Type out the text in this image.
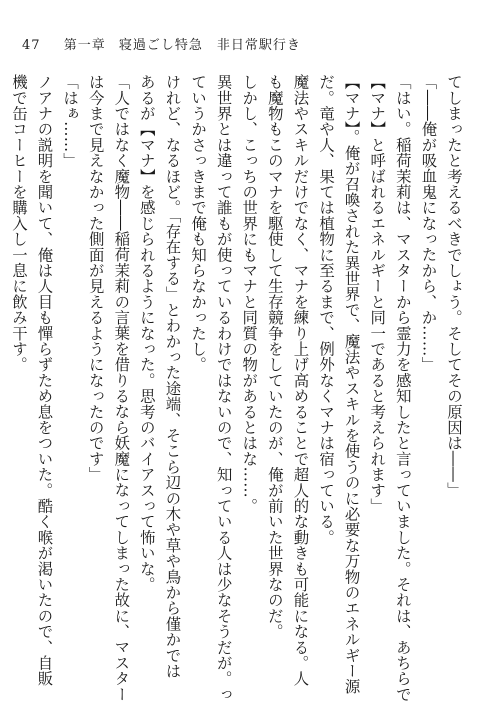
47 第一章 寝過ごし特急　非日常駅行き
てしまったと考えるべきでしょう。そしてその原因は――」
「――俺が吸血鬼になったから、か……」
「はい。稲荷茉莉は、マスターから霊力を感知したと言っていました。それは、あちらで
【マナ】と呼ばれるエネルギーと同一であると考えられます」
【マナ】。俺が召喚された異世界で、魔法やスキルを使うのに必要な万物のエネルギー源
だ。竜や人、果ては植物に至るまで、例外なくマナは宿っている。
魔法やスキルだけでなく、マナを練り上げ高めることで超人的な動きも可能になる。人
も魔物もこのマナを駆使して生存競争をしていたのが、俺が前いた世界なのだ。
しかし、こっちの世界にもマナと同質の物があるとはな……。
異世界とは違って誰もが使っているわけではないので、知っている人は少なそうだが。っ
ていうかさっきまで俺も知らなかったし。
けれど、なるほど。「存在する」とわかった途端、そこら辺の木や草や鳥から僅かでは
あるが【マナ】を感じられるようになった。思考のバイアスって怖いな。
「人ではなく魔物――稲荷茉莉の言葉を借りるなら妖魔になってしまった故に、マスター
は今まで見えなかった側面が見えるようになったのです」
「はぁ……」
ノアナの説明を聞いて、俺は人目も憚らずため息をついた。酷く喉が渇いたので、自販
機で缶コーヒーを購入し一息に飲み干す。
